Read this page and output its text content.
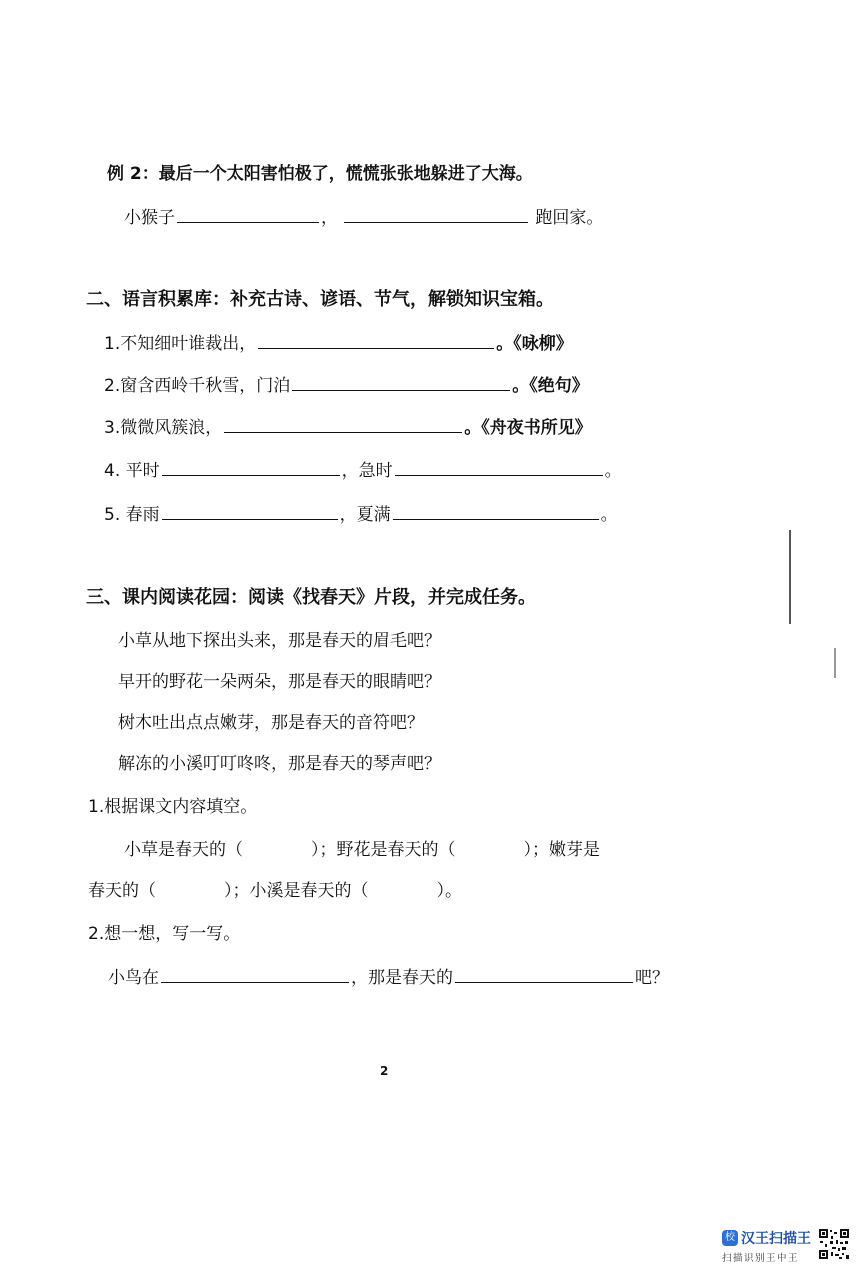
例 2：最后一个太阳害怕极了，慌慌张张地躲进了大海。
小猴子	，	跑回家。
二、语言积累库：补充古诗、谚语、节气，解锁知识宝箱。
1.不知细叶谁裁出，	。《咏柳》
2.窗含西岭千秋雪，门泊	。《绝句》
3.微微风簇浪，	。《舟夜书所见》
4. 平时	，急时	。
5. 春雨	，夏满	。
三、课内阅读花园：阅读《找春天》片段，并完成任务。
小草从地下探出头来，那是春天的眉毛吧？
早开的野花一朵两朵，那是春天的眼睛吧？
树木吐出点点嫩芽，那是春天的音符吧？
解冻的小溪叮叮咚咚，那是春天的琴声吧？
1.根据课文内容填空。
小草是春天的（　　　　）；野花是春天的（　　　　）；嫩芽是
春天的（　　　　）；小溪是春天的（　　　　）。
2.想一想，写一写。
小鸟在	，那是春天的	吧？
2
校 汉王扫描王
扫描识别王中王
